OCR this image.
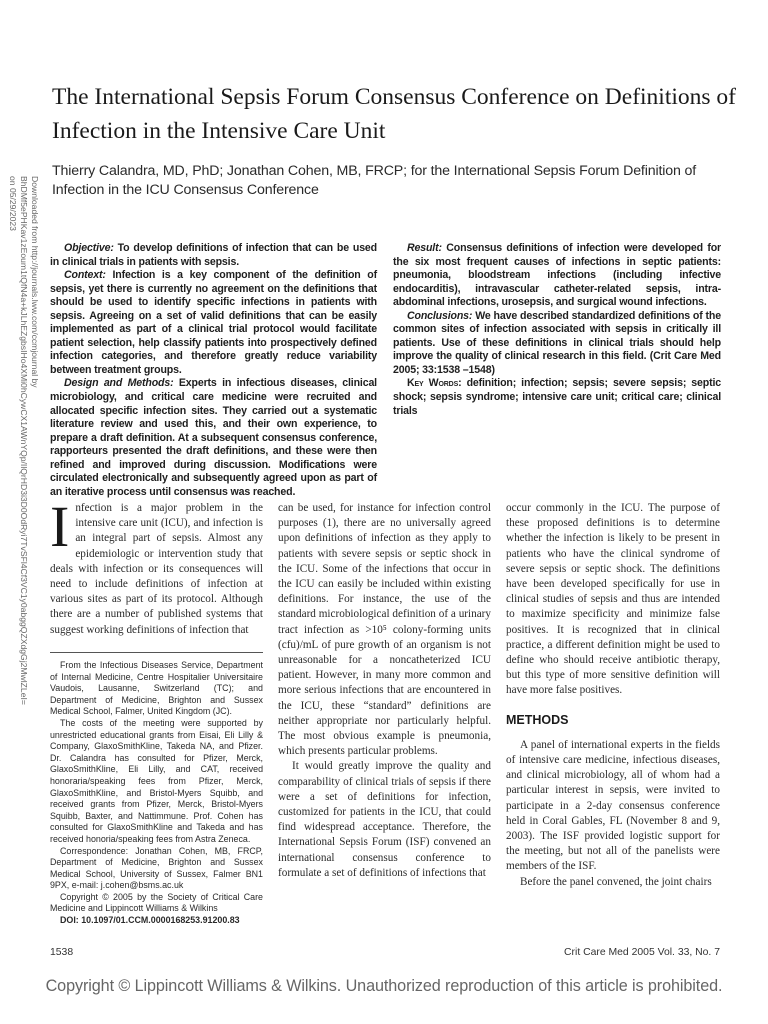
Downloaded from http://journals.lww.com/ccmjournal by BhDMf5ePHKav1zEoum1tQfN4a+kJLhEZgbsIHo4XMi0hCywCX1AWnYQp/IlQrHD3i3D0OdRyi7TvSFl4Cf3VC1y0abggQZXdgGj2MwlZLeI= on 05/29/2023
The International Sepsis Forum Consensus Conference on Definitions of Infection in the Intensive Care Unit
Thierry Calandra, MD, PhD; Jonathan Cohen, MB, FRCP; for the International Sepsis Forum Definition of Infection in the ICU Consensus Conference

Objective: To develop definitions of infection that can be used in clinical trials in patients with sepsis.

Context: Infection is a key component of the definition of sepsis, yet there is currently no agreement on the definitions that should be used to identify specific infections in patients with sepsis. Agreeing on a set of valid definitions that can be easily implemented as part of a clinical trial protocol would facilitate patient selection, help classify patients into prospectively defined infection categories, and therefore greatly reduce variability between treatment groups.

Design and Methods: Experts in infectious diseases, clinical microbiology, and critical care medicine were recruited and allocated specific infection sites. They carried out a systematic literature review and used this, and their own experience, to prepare a draft definition. At a subsequent consensus conference, rapporteurs presented the draft definitions, and these were then refined and improved during discussion. Modifications were circulated electronically and subsequently agreed upon as part of an iterative process until consensus was reached.

Result: Consensus definitions of infection were developed for the six most frequent causes of infections in septic patients: pneumonia, bloodstream infections (including infective endocarditis), intravascular catheter-related sepsis, intra-abdominal infections, urosepsis, and surgical wound infections.

Conclusions: We have described standardized definitions of the common sites of infection associated with sepsis in critically ill patients. Use of these definitions in clinical trials should help improve the quality of clinical research in this field. (Crit Care Med 2005; 33:1538 –1548)

Key Words: definition; infection; sepsis; severe sepsis; septic shock; sepsis syndrome; intensive care unit; critical care; clinical trials

Infection is a major problem in the intensive care unit (ICU), and infection is an integral part of sepsis. Almost any epidemiologic or intervention study that deals with infection or its consequences will need to include definitions of infection at various sites as part of its protocol. Although there are a number of published systems that suggest working definitions of infection that

can be used, for instance for infection control purposes (1), there are no universally agreed upon definitions of infection as they apply to patients with severe sepsis or septic shock in the ICU. Some of the infections that occur in the ICU can easily be included within existing definitions. For instance, the use of the standard microbiological definition of a urinary tract infection as >10⁵ colony-forming units (cfu)/mL of pure growth of an organism is not unreasonable for a noncatheterized ICU patient. However, in many more common and more serious infections that are encountered in the ICU, these “standard” definitions are neither appropriate nor particularly helpful. The most obvious example is pneumonia, which presents particular problems.

It would greatly improve the quality and comparability of clinical trials of sepsis if there were a set of definitions for infection, customized for patients in the ICU, that could find widespread acceptance. Therefore, the International Sepsis Forum (ISF) convened an international consensus conference to formulate a set of definitions of infections that

occur commonly in the ICU. The purpose of these proposed definitions is to determine whether the infection is likely to be present in patients who have the clinical syndrome of severe sepsis or septic shock. The definitions have been developed specifically for use in clinical studies of sepsis and thus are intended to maximize specificity and minimize false positives. It is recognized that in clinical practice, a different definition might be used to define who should receive antibiotic therapy, but this type of more sensitive definition will have more false positives.

METHODS

A panel of international experts in the fields of intensive care medicine, infectious diseases, and clinical microbiology, all of whom had a particular interest in sepsis, were invited to participate in a 2-day consensus conference held in Coral Gables, FL (November 8 and 9, 2003). The ISF provided logistic support for the meeting, but not all of the panelists were members of the ISF.

Before the panel convened, the joint chairs

From the Infectious Diseases Service, Department of Internal Medicine, Centre Hospitalier Universitaire Vaudois, Lausanne, Switzerland (TC); and Department of Medicine, Brighton and Sussex Medical School, Falmer, United Kingdom (JC).

The costs of the meeting were supported by unrestricted educational grants from Eisai, Eli Lilly & Company, GlaxoSmithKline, Takeda NA, and Pfizer. Dr. Calandra has consulted for Pfizer, Merck, GlaxoSmithKline, Eli Lilly, and CAT, received honoraria/speaking fees from Pfizer, Merck, GlaxoSmithKline, and Bristol-Myers Squibb, and received grants from Pfizer, Merck, Bristol-Myers Squibb, Baxter, and Nattimmune. Prof. Cohen has consulted for GlaxoSmithKline and Takeda and has received honoria/speaking fees from Astra Zeneca.

Correspondence: Jonathan Cohen, MB, FRCP, Department of Medicine, Brighton and Sussex Medical School, University of Sussex, Falmer BN1 9PX, e-mail: j.cohen@bsms.ac.uk

Copyright © 2005 by the Society of Critical Care Medicine and Lippincott Williams & Wilkins

DOI: 10.1097/01.CCM.0000168253.91200.83

1538	Crit Care Med 2005 Vol. 33, No. 7
Copyright © Lippincott Williams & Wilkins. Unauthorized reproduction of this article is prohibited.
